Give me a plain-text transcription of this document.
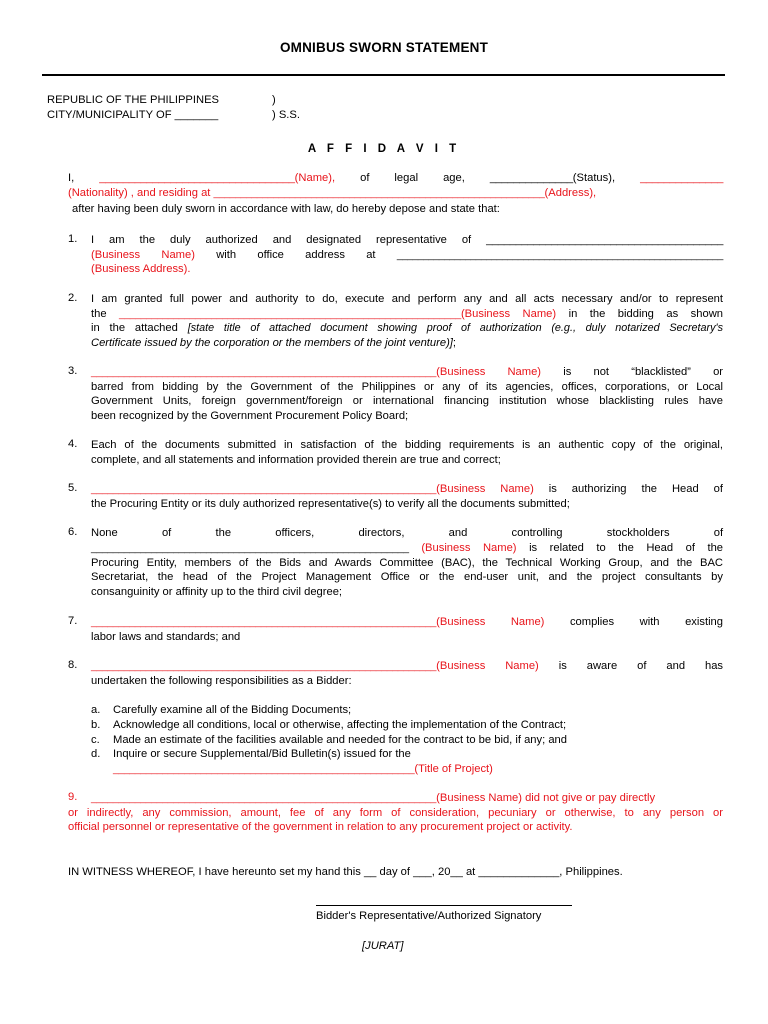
OMNIBUS SWORN STATEMENT
REPUBLIC OF THE PHILIPPINES	)
CITY/MUNICIPALITY OF _______	) S.S.
A F F I D A V I T
I, _________________________________(Name), of legal age, ______________(Status), ______________
(Nationality) , and residing at _____________________________________________________________(Address),
after having been duly sworn in accordance with law, do hereby depose and state that:
1. I am the duly authorized and designated representative of ________________________________________
(Business Name) with office address at ______________________________________________________________
(Business Address).
2. I am granted full power and authority to do, execute and perform any and all acts necessary and/or to represent
the _______________________________________________________________(Business Name) in the bidding as shown
in the attached [state title of attached document showing proof of authorization (e.g., duly notarized Secretary's
Certificate issued by the corporation or the members of the joint venture)];
3. _______________________________________________________________(Business Name) is not “blacklisted” or
barred from bidding by the Government of the Philippines or any of its agencies, offices, corporations, or Local
Government Units, foreign government/foreign or international financing institution whose blacklisting rules have
been recognized by the Government Procurement Policy Board;
4. Each of the documents submitted in satisfaction of the bidding requirements is an authentic copy of the original,
complete, and all statements and information provided therein are true and correct;
5. _______________________________________________________________(Business Name) is authorizing the Head of
the Procuring Entity or its duly authorized representative(s) to verify all the documents submitted;
6. None	of	the	officers,	directors,	and	controlling	stockholders	of
__________________________________________________________ (Business Name) is related to the Head of the
Procuring Entity, members of the Bids and Awards Committee (BAC), the Technical Working Group, and the BAC
Secretariat, the head of the Project Management Office or the end-user unit, and the project consultants by
consanguinity or affinity up to the third civil degree;
7. _______________________________________________________________(Business Name) complies with existing
labor laws and standards; and
8. _______________________________________________________________(Business Name) is aware of and has
undertaken the following responsibilities as a Bidder:
a. Carefully examine all of the Bidding Documents;
b. Acknowledge all conditions, local or otherwise, affecting the implementation of the Contract;
c. Made an estimate of the facilities available and needed for the contract to be bid, if any; and
d. Inquire or secure Supplemental/Bid Bulletin(s) issued for the
_______________________________________________________(Title of Project)
9. _______________________________________________________________(Business Name) did not give or pay directly
or indirectly, any commission, amount, fee of any form of consideration, pecuniary or otherwise, to any person or
official personnel or representative of the government in relation to any procurement project or activity.
IN WITNESS WHEREOF, I have hereunto set my hand this __ day of ___, 20__ at _____________, Philippines.
Bidder's Representative/Authorized Signatory
[JURAT]
